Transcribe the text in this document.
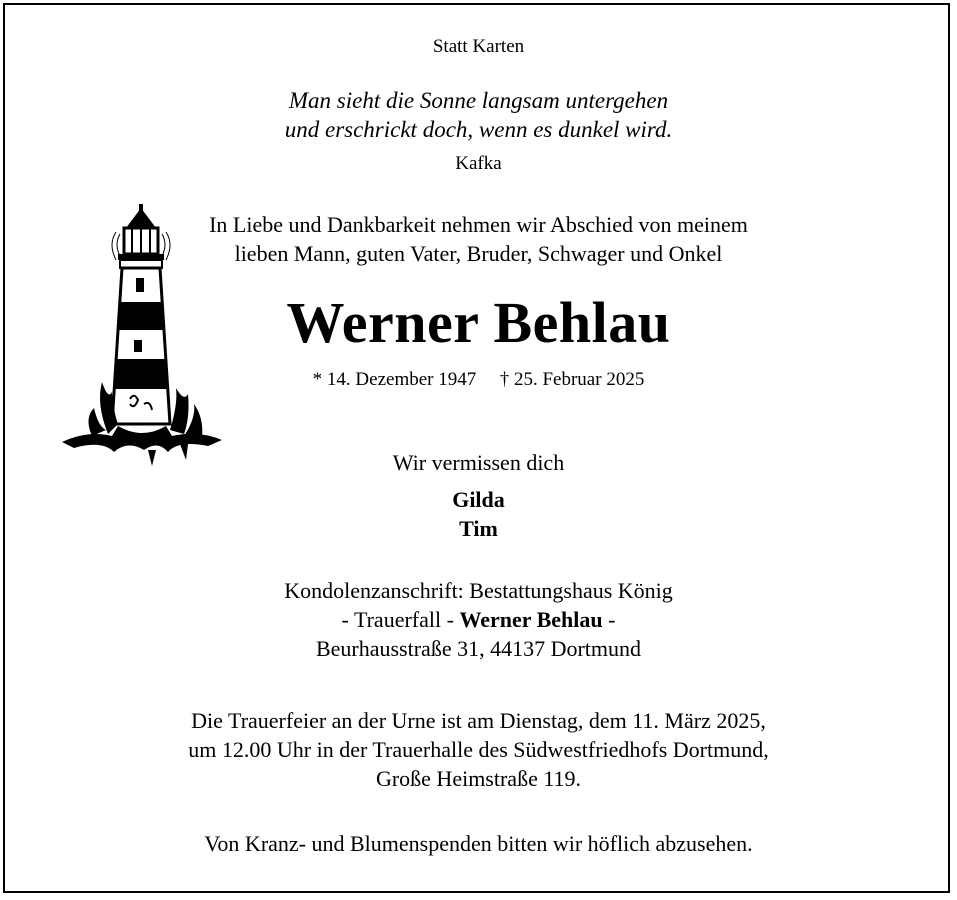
Statt Karten
Man sieht die Sonne langsam untergehen
und erschrickt doch, wenn es dunkel wird.
Kafka
In Liebe und Dankbarkeit nehmen wir Abschied von meinem
lieben Mann, guten Vater, Bruder, Schwager und Onkel
Werner Behlau
* 14. Dezember 1947 † 25. Februar 2025
Wir vermissen dich
Gilda
Tim
Kondolenzanschrift: Bestattungshaus König
- Trauerfall - Werner Behlau -
Beurhausstraße 31, 44137 Dortmund
Die Trauerfeier an der Urne ist am Dienstag, dem 11. März 2025,
um 12.00 Uhr in der Trauerhalle des Südwestfriedhofs Dortmund,
Große Heimstraße 119.
Von Kranz- und Blumenspenden bitten wir höflich abzusehen.
